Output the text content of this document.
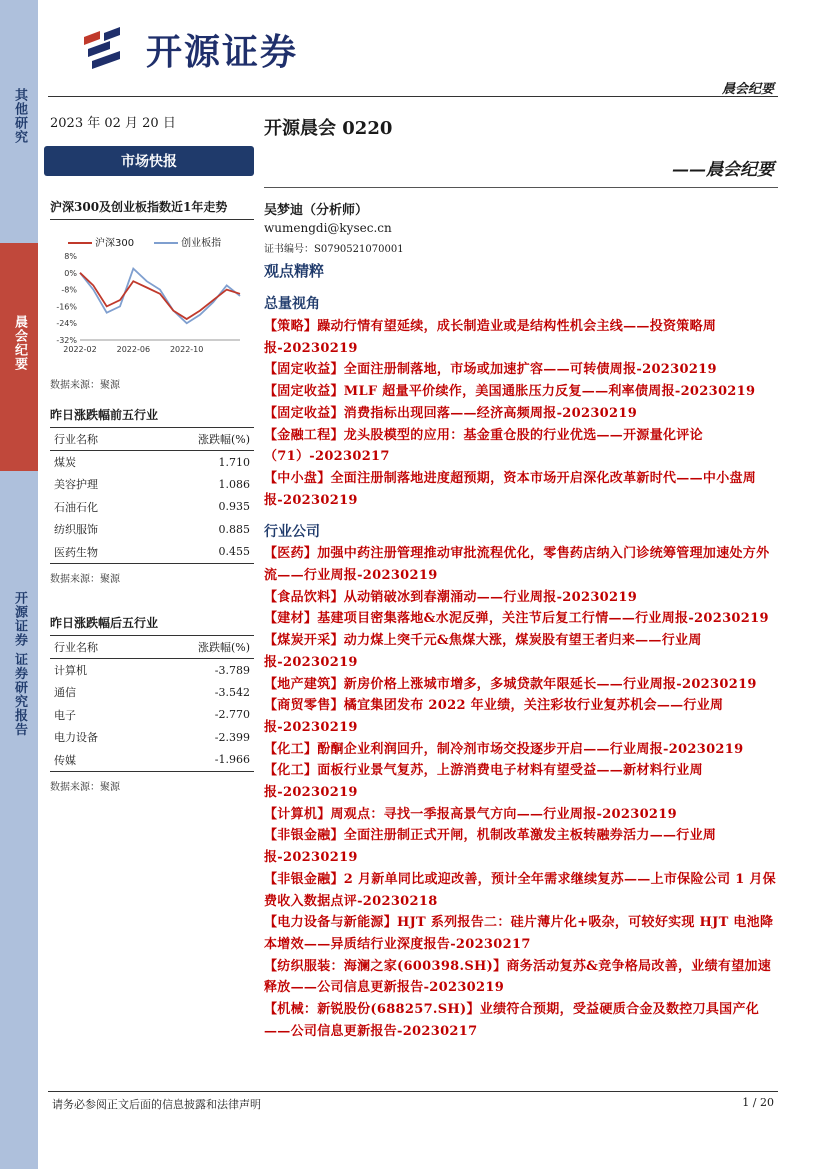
其他研究
晨会纪要
开源证券 证券研究报告
开源证券
晨会纪要
2023 年 02 月 20 日	开源晨会 0220
——晨会纪要
市场快报
沪深300及创业板指数近1年走势
沪深300	创业板指
8%
0%
-8%
-16%
-24%
-32%
2022-02 2022-06 2022-10
数据来源：聚源
昨日涨跌幅前五行业
行业名称	涨跌幅(%)
煤炭	1.710
美容护理	1.086
石油石化	0.935
纺织服饰	0.885
医药生物	0.455
数据来源：聚源
昨日涨跌幅后五行业
行业名称	涨跌幅(%)
计算机	-3.789
通信	-3.542
电子	-2.770
电力设备	-2.399
传媒	-1.966
数据来源：聚源
吴梦迪（分析师）
wumengdi@kysec.cn
证书编号：S0790521070001
观点精粹
总量视角
【策略】躁动行情有望延续，成长制造业或是结构性机会主线——投资策略周报-20230219
【固定收益】全面注册制落地，市场或加速扩容——可转债周报-20230219
【固定收益】MLF 超量平价续作，美国通胀压力反复——利率债周报-20230219
【固定收益】消费指标出现回落——经济高频周报-20230219
【金融工程】龙头股模型的应用：基金重仓股的行业优选——开源量化评论（71）-20230217
【中小盘】全面注册制落地进度超预期，资本市场开启深化改革新时代——中小盘周报-20230219
行业公司
【医药】加强中药注册管理推动审批流程优化，零售药店纳入门诊统筹管理加速处方外流——行业周报-20230219
【食品饮料】从动销破冰到春潮涌动——行业周报-20230219
【建材】基建项目密集落地&水泥反弹，关注节后复工行情——行业周报-20230219
【煤炭开采】动力煤上突千元&焦煤大涨，煤炭股有望王者归来——行业周报-20230219
【地产建筑】新房价格上涨城市增多，多城贷款年限延长——行业周报-20230219
【商贸零售】橘宜集团发布 2022 年业绩，关注彩妆行业复苏机会——行业周报-20230219
【化工】酚酮企业利润回升，制冷剂市场交投逐步开启——行业周报-20230219
【化工】面板行业景气复苏，上游消费电子材料有望受益——新材料行业周报-20230219
【计算机】周观点：寻找一季报高景气方向——行业周报-20230219
【非银金融】全面注册制正式开闸，机制改革激发主板转融券活力——行业周报-20230219
【非银金融】2 月新单同比或迎改善，预计全年需求继续复苏——上市保险公司 1 月保费收入数据点评-20230218
【电力设备与新能源】HJT 系列报告二：硅片薄片化+吸杂，可较好实现 HJT 电池降本增效——异质结行业深度报告-20230217
【纺织服装：海澜之家(600398.SH)】商务活动复苏&竞争格局改善，业绩有望加速释放——公司信息更新报告-20230219
【机械：新锐股份(688257.SH)】业绩符合预期，受益硬质合金及数控刀具国产化——公司信息更新报告-20230217
请务必参阅正文后面的信息披露和法律声明	1 / 20
